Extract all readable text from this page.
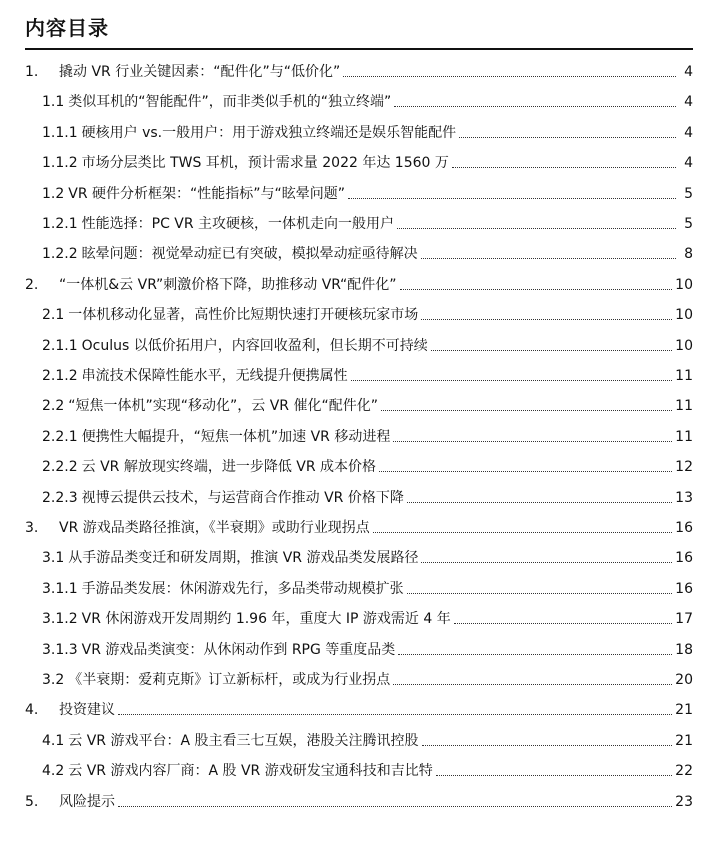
内容目录
1. 撬动 VR 行业关键因素：“配件化”与“低价化”	4
1.1 类似耳机的“智能配件”，而非类似手机的“独立终端”	4
1.1.1 硬核用户 vs.一般用户：用于游戏独立终端还是娱乐智能配件	4
1.1.2 市场分层类比 TWS 耳机，预计需求量 2022 年达 1560 万	4
1.2 VR 硬件分析框架：“性能指标”与“眩晕问题”	5
1.2.1 性能选择：PC VR 主攻硬核，一体机走向一般用户	5
1.2.2 眩晕问题：视觉晕动症已有突破，模拟晕动症亟待解决	8
2. “一体机&云 VR”刺激价格下降，助推移动 VR“配件化”	10
2.1 一体机移动化显著，高性价比短期快速打开硬核玩家市场	10
2.1.1 Oculus 以低价拓用户，内容回收盈利，但长期不可持续	10
2.1.2 串流技术保障性能水平，无线提升便携属性	11
2.2 “短焦一体机”实现“移动化”，云 VR 催化“配件化”	11
2.2.1 便携性大幅提升，“短焦一体机”加速 VR 移动进程	11
2.2.2 云 VR 解放现实终端，进一步降低 VR 成本价格	12
2.2.3 视博云提供云技术，与运营商合作推动 VR 价格下降	13
3. VR 游戏品类路径推演，《半衰期》或助行业现拐点	16
3.1 从手游品类变迁和研发周期，推演 VR 游戏品类发展路径	16
3.1.1 手游品类发展：休闲游戏先行，多品类带动规模扩张	16
3.1.2 VR 休闲游戏开发周期约 1.96 年，重度大 IP 游戏需近 4 年	17
3.1.3 VR 游戏品类演变：从休闲动作到 RPG 等重度品类	18
3.2 《半衰期：爱莉克斯》订立新标杆，或成为行业拐点	20
4. 投资建议	21
4.1 云 VR 游戏平台：A 股主看三七互娱，港股关注腾讯控股	21
4.2 云 VR 游戏内容厂商：A 股 VR 游戏研发宝通科技和吉比特	22
5. 风险提示	23
